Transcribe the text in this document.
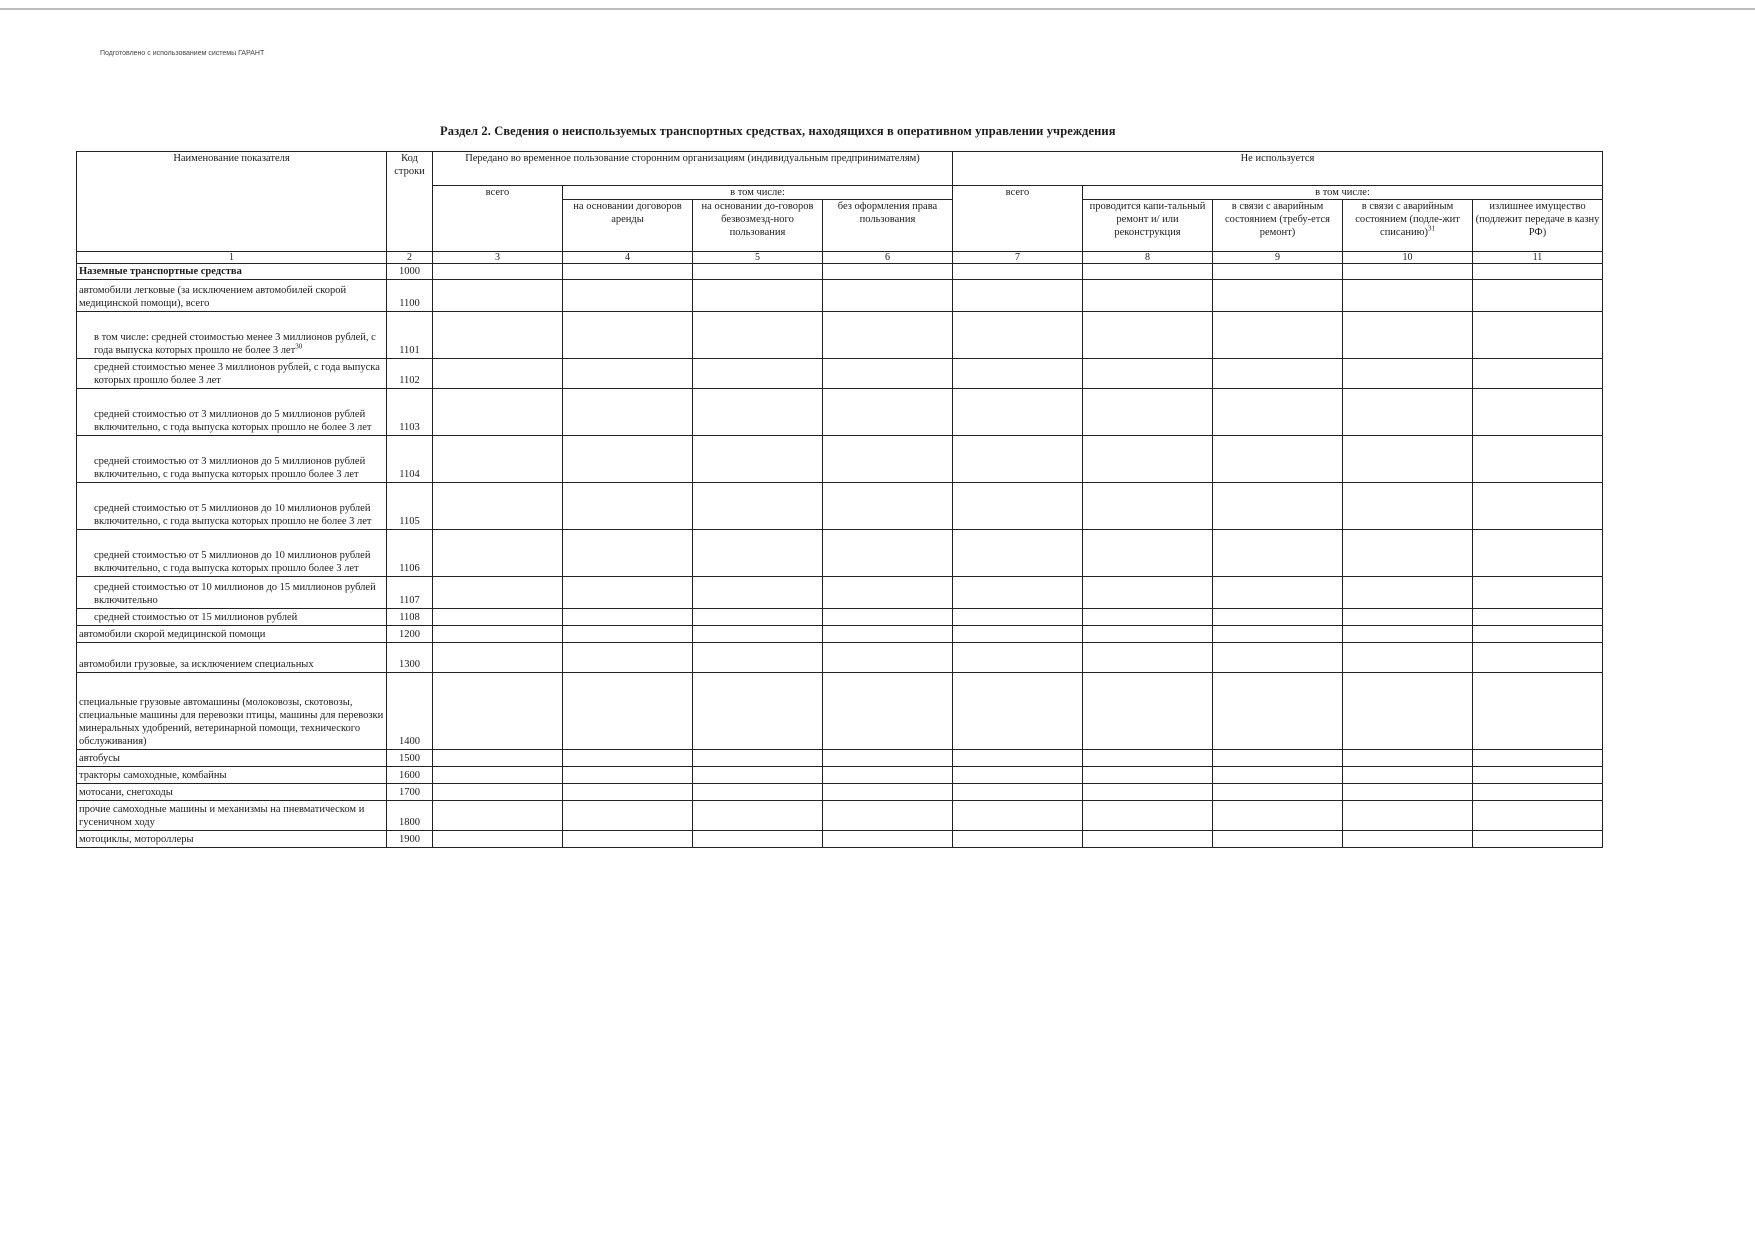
Подготовлено с использованием системы ГАРАНТ
Раздел 2. Сведения о неиспользуемых транспортных средствах, находящихся в оперативном управлении учреждения
Наименование показателя	Код строки	Передано во временное пользование сторонним организациям (индивидуальным предпринимателям)				Не используется				
		всего	в том числе:			всего	в том числе:			
			на основании договоров аренды	на основании до-говоров безвозмезд-ного пользования	без оформления права пользования		проводится капи-тальный ремонт и/ или реконструкция	в связи с аварийным состоянием (требу-ется ремонт)	в связи с аварийным состоянием (подле-жит списанию)$^{31}$	излишнее имущество (подлежит передаче в казну РФ)
1	2	3	4	5	6	7	8	9	10	11
Наземные транспортные средства	1000									
автомобили легковые (за исключением автомобилей скорой медицинской помощи), всего	1100									
в том числе: средней стоимостью менее 3 миллионов рублей, с года выпуска которых прошло не более 3 лет$^{30}$	1101									
средней стоимостью менее 3 миллионов рублей, с года выпуска которых прошло более 3 лет	1102									
средней стоимостью от 3 миллионов до 5 миллионов рублей включительно, с года выпуска которых прошло не более 3 лет	1103									
средней стоимостью от 3 миллионов до 5 миллионов рублей включительно, с года выпуска которых прошло более 3 лет	1104									
средней стоимостью от 5 миллионов до 10 миллионов рублей включительно, с года выпуска которых прошло не более 3 лет	1105									
средней стоимостью от 5 миллионов до 10 миллионов рублей включительно, с года выпуска которых прошло более 3 лет	1106									
средней стоимостью от 10 миллионов до 15 миллионов рублей включительно	1107									
средней стоимостью от 15 миллионов рублей	1108									
автомобили скорой медицинской помощи	1200									
автомобили грузовые, за исключением специальных	1300									
специальные грузовые автомашины (молоковозы, скотовозы, специальные машины для перевозки птицы, машины для перевозки минеральных удобрений, ветеринарной помощи, технического обслуживания)	1400									
автобусы	1500									
тракторы самоходные, комбайны	1600									
мотосани, снегоходы	1700									
прочие самоходные машины и механизмы на пневматическом и гусеничном ходу	1800									
мотоциклы, мотороллеры	1900									
